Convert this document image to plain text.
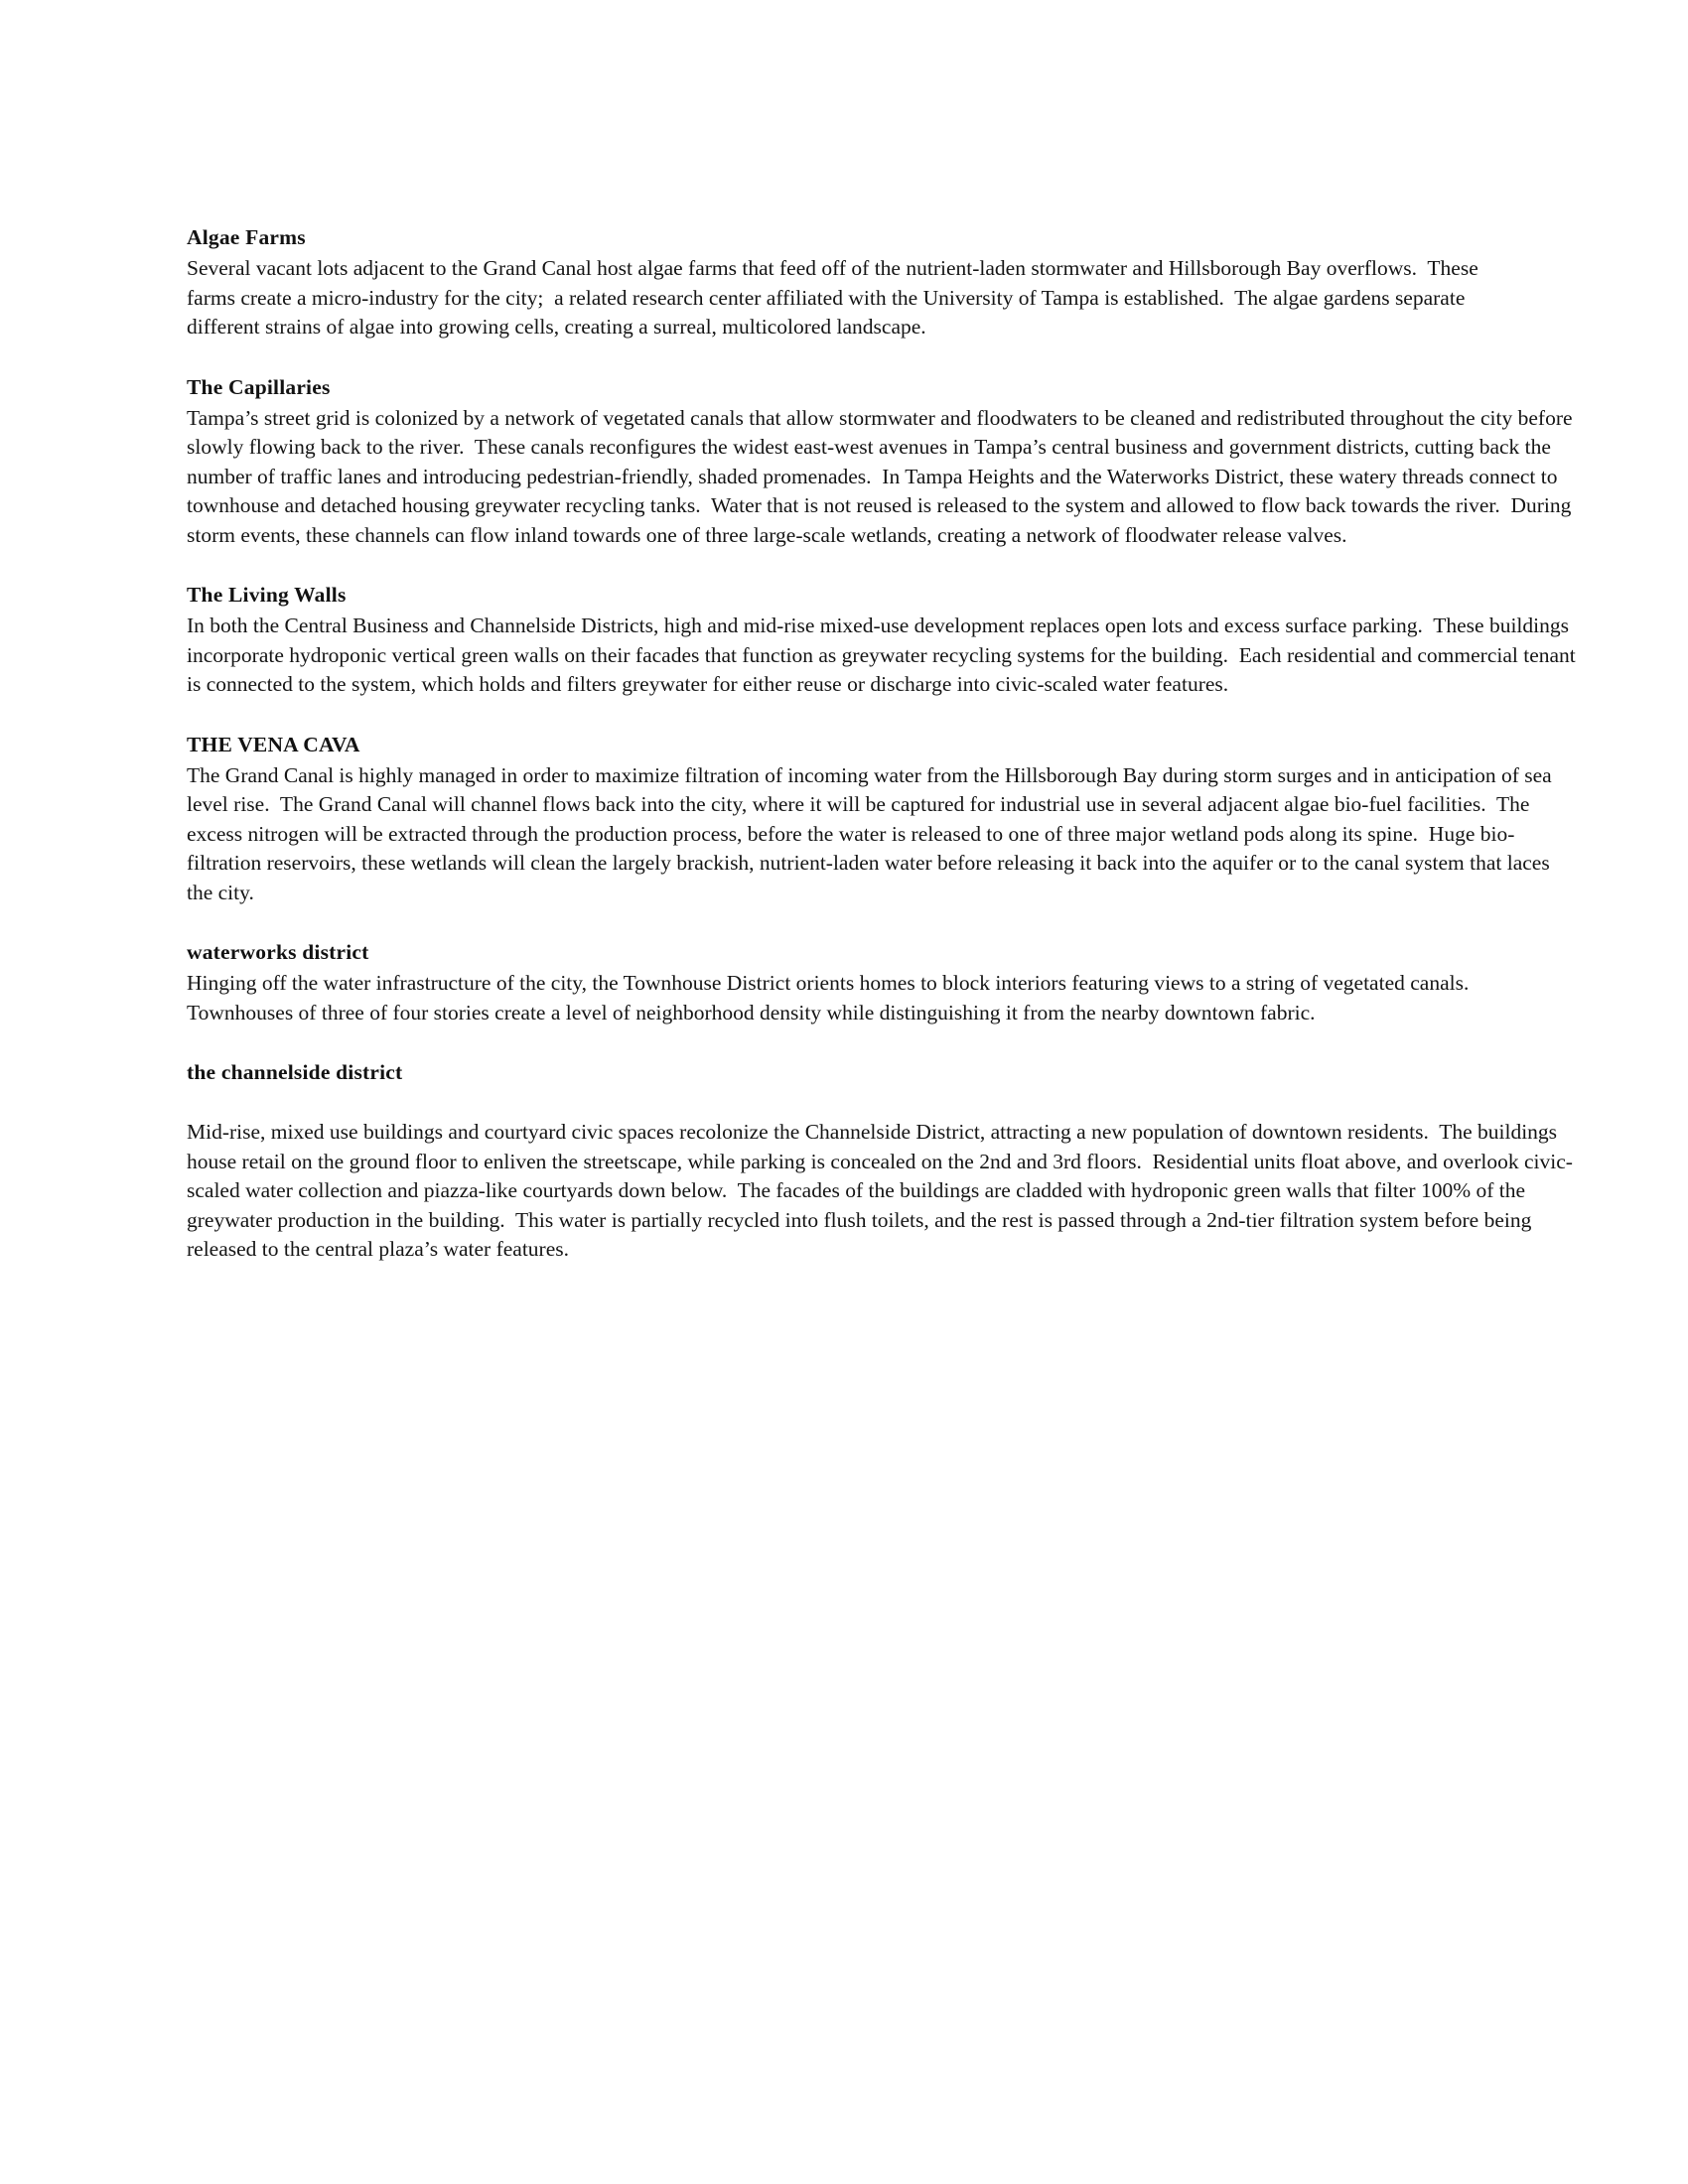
Algae Farms

Several vacant lots adjacent to the Grand Canal host algae farms that feed off of the nutrient-laden stormwater and Hillsborough Bay overflows.  These farms create a micro-industry for the city;  a related research center affiliated with the University of Tampa is established.  The algae gardens separate different strains of algae into growing cells, creating a surreal, multicolored landscape.

The Capillaries

Tampa’s street grid is colonized by a network of vegetated canals that allow stormwater and floodwaters to be cleaned and redistributed throughout the city before slowly flowing back to the river.  These canals reconfigures the widest east-west avenues in Tampa’s central business and government districts, cutting back the number of traffic lanes and introducing pedestrian-friendly, shaded promenades.  In Tampa Heights and the Waterworks District, these watery threads connect to townhouse and detached housing greywater recycling tanks.  Water that is not reused is released to the system and allowed to flow back towards the river.  During storm events, these channels can flow inland towards one of three large-scale wetlands, creating a network of floodwater release valves.

The Living Walls

In both the Central Business and Channelside Districts, high and mid-rise mixed-use development replaces open lots and excess surface parking.  These buildings incorporate hydroponic vertical green walls on their facades that function as greywater recycling systems for the building.  Each residential and commercial tenant is connected to the system, which holds and filters greywater for either reuse or discharge into civic-scaled water features.

THE VENA CAVA

The Grand Canal is highly managed in order to maximize filtration of incoming water from the Hillsborough Bay during storm surges and in anticipation of sea level rise.  The Grand Canal will channel flows back into the city, where it will be captured for industrial use in several adjacent algae bio-fuel facilities.  The excess nitrogen will be extracted through the production process, before the water is released to one of three major wetland pods along its spine.  Huge bio-filtration reservoirs, these wetlands will clean the largely brackish, nutrient-laden water before releasing it back into the aquifer or to the canal system that laces the city.

waterworks district

Hinging off the water infrastructure of the city, the Townhouse District orients homes to block interiors featuring views to a string of vegetated canals.  Townhouses of three of four stories create a level of neighborhood density while distinguishing it from the nearby downtown fabric.

the channelside district

Mid-rise, mixed use buildings and courtyard civic spaces recolonize the Channelside District, attracting a new population of downtown residents.  The buildings house retail on the ground floor to enliven the streetscape, while parking is concealed on the 2nd and 3rd floors.  Residential units float above, and overlook civic-scaled water collection and piazza-like courtyards down below.  The facades of the buildings are cladded with hydroponic green walls that filter 100% of the greywater production in the building.  This water is partially recycled into flush toilets, and the rest is passed through a 2nd-tier filtration system before being released to the central plaza’s water features.
